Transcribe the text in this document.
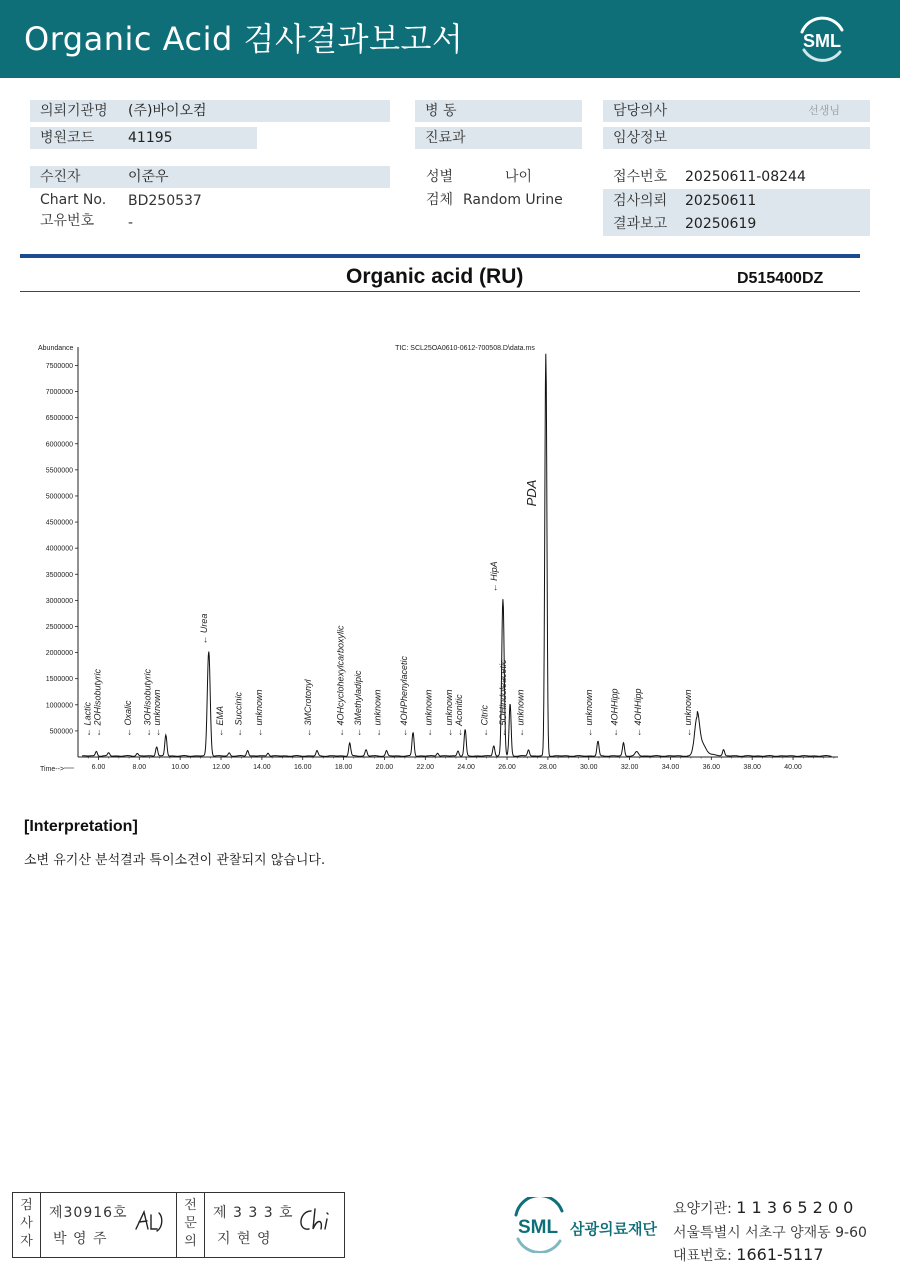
Organic Acid 검사결과보고서	SML
의뢰기관명 (주)바이오컴
병원코드 41195
수진자	이준우
Chart No. BD250537
고유번호 -
병 동
진료과
성별	나이
검체 Random Urine
담당의사	선생님
임상정보
접수번호 20250611-08244
검사의뢰 20250611
결과보고 20250619
Organic acid (RU)	D515400DZ
Abundance
Time-->
TIC: SCL25OA0610-0612-700508.D\data.ms
500000
1000000
1500000
2000000
2500000
3000000
3500000
4000000
4500000
5000000
5500000
6000000
6500000
7000000
7500000
6.00	8.00	10.00	12.00	14.00	16.00	18.00	20.00	22.00	24.00	26.00	28.00	30.00	32.00	34.00	36.00	38.00	40.00
← Lactic ← 2OHisobutyric ← Oxalic ← 3OHisobutyric ← unknown
← Urea
← EMA ← Succinic ← unknown	← 3MCrotonyl	← 4OHcyclohexylcarboxylic ← 3Methyladipic ← unknown ← 4OHPhenylacetic ← unknown ← unknown ← Aconitic ← Citric
← HipA
← 5OHindoleacetic ← unknown
PDA
← unknown ← 4OHHipp ← 4OHHipp	← unknown
[Interpretation]
소변 유기산 분석결과 특이소견이 관찰되지 않습니다.
검
사
자
제30916호
박 영 주
전
문
의
제 3 3 3 호
지 현 영
SML 삼광의료재단
요양기관: 1 1 3 6 5 2 0 0
서울특별시 서초구 양재동 9-60
대표번호: 1661-5117
